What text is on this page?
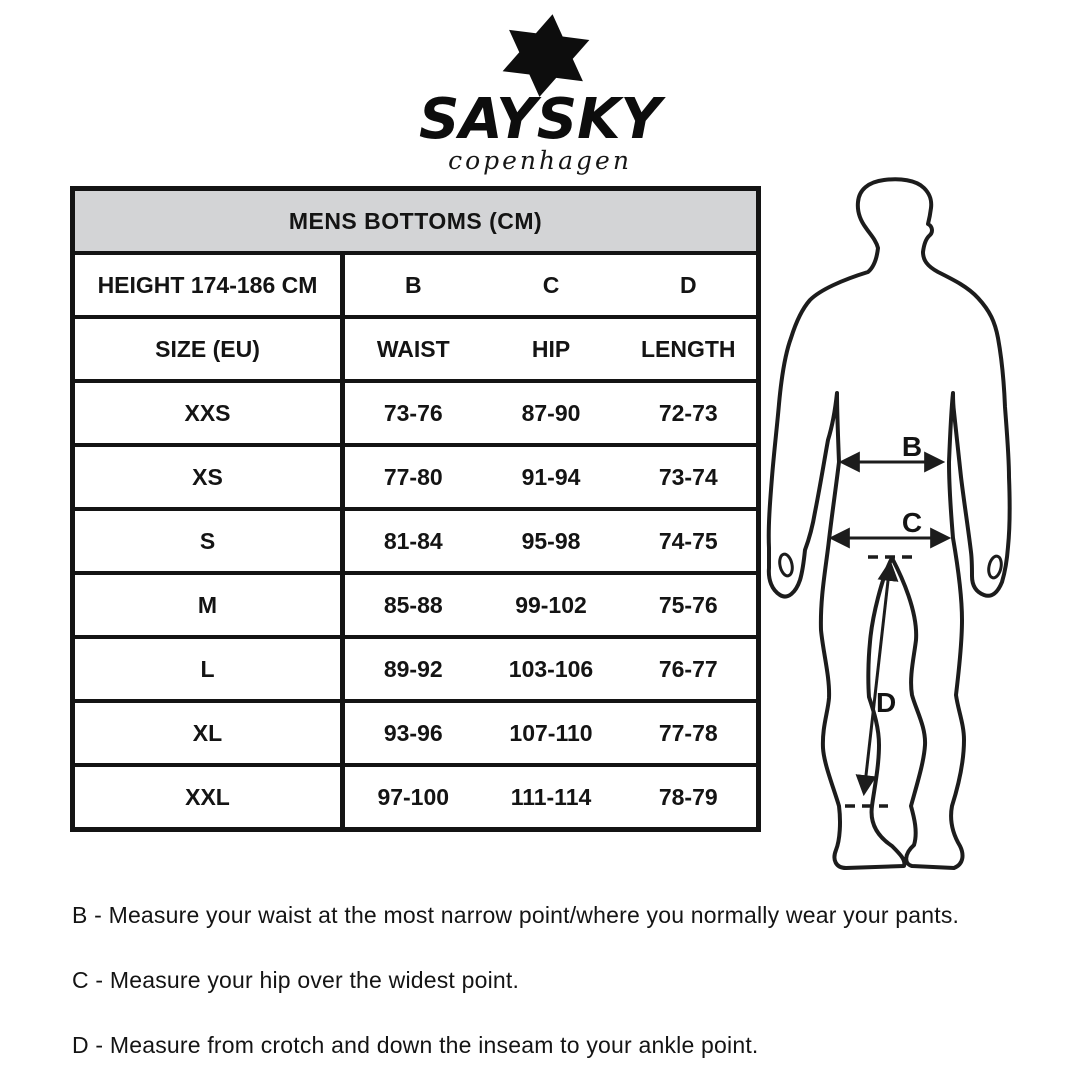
SAYSKY
copenhagen
MENS BOTTOMS (CM)			
HEIGHT 174-186 CM	B	C	D
SIZE (EU)	WAIST	HIP	LENGTH
XXS	73-76	87-90	72-73
XS	77-80	91-94	73-74
S	81-84	95-98	74-75
M	85-88	99-102	75-76
L	89-92	103-106	76-77
XL	93-96	107-110	77-78
XXL	97-100	111-114	78-79
B
C
D
B - Measure your waist at the most narrow point/where you normally wear your pants.
C - Measure your hip over the widest point.
D - Measure from crotch and down the inseam to your ankle point.
